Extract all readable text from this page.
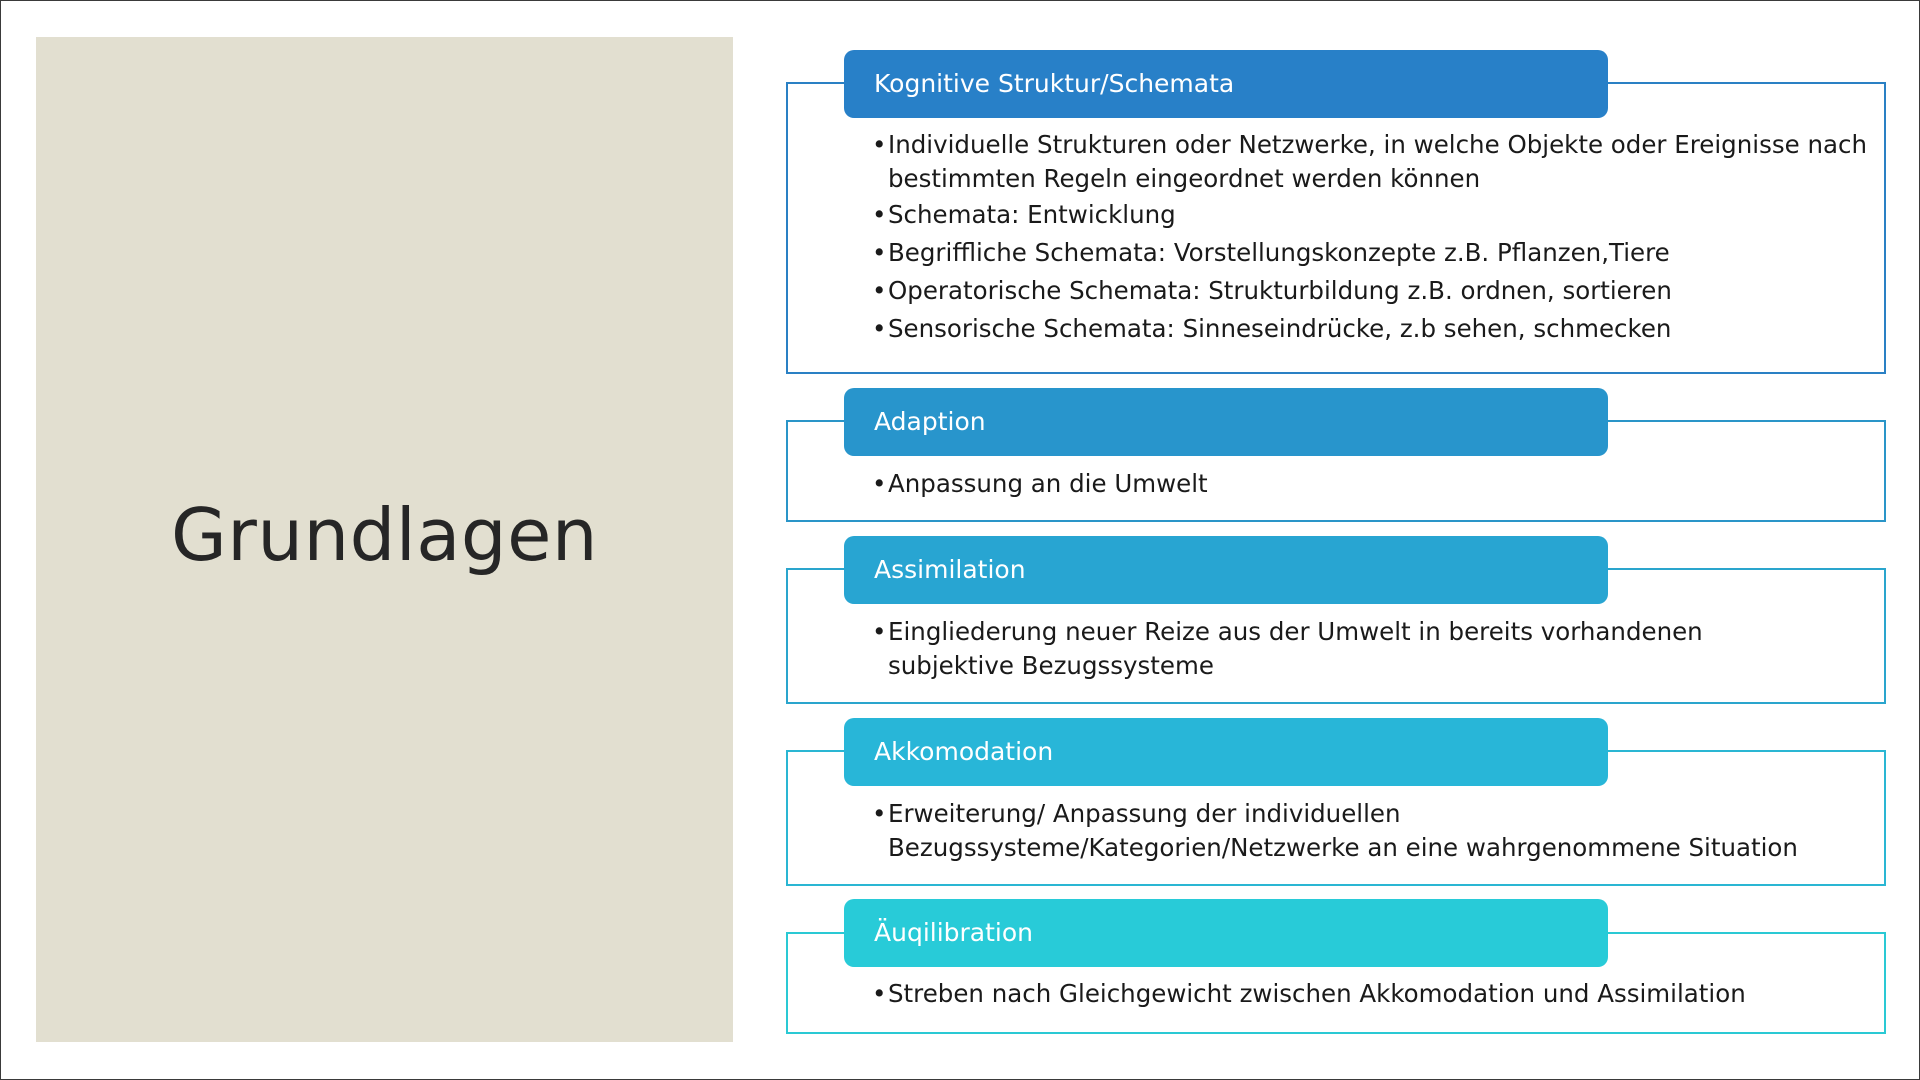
Grundlagen
Kognitive Struktur/Schemata
• Individuelle Strukturen oder Netzwerke, in welche Objekte oder Ereignisse nach bestimmten Regeln eingeordnet werden können
• Schemata: Entwicklung
• Begriffliche Schemata: Vorstellungskonzepte z.B. Pflanzen,Tiere
• Operatorische Schemata: Strukturbildung z.B. ordnen, sortieren
• Sensorische Schemata: Sinneseindrücke, z.b sehen, schmecken
Adaption
• Anpassung an die Umwelt
Assimilation
• Eingliederung neuer Reize aus der Umwelt in bereits vorhandenen subjektive Bezugssysteme
Akkomodation
• Erweiterung/ Anpassung der individuellen Bezugssysteme/Kategorien/Netzwerke an eine wahrgenommene Situation
Äuqilibration
• Streben nach Gleichgewicht zwischen Akkomodation und Assimilation
